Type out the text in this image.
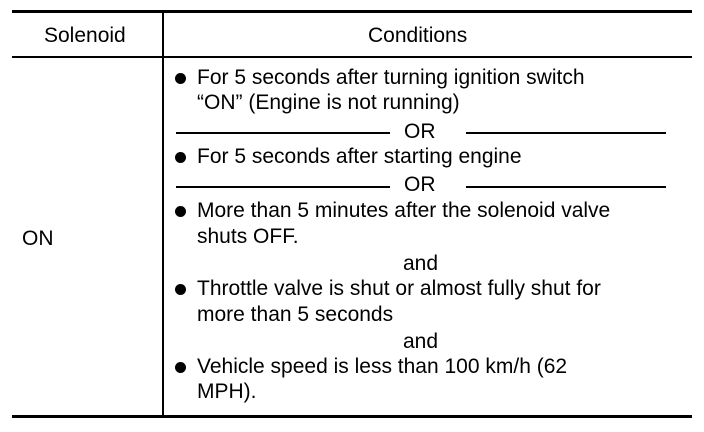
Solenoid	Conditions
ON
For 5 seconds after turning ignition switch
“ON” (Engine is not running)
OR
For 5 seconds after starting engine
OR
More than 5 minutes after the solenoid valve
shuts OFF.
and
Throttle valve is shut or almost fully shut for
more than 5 seconds
and
Vehicle speed is less than 100 km/h (62
MPH).
